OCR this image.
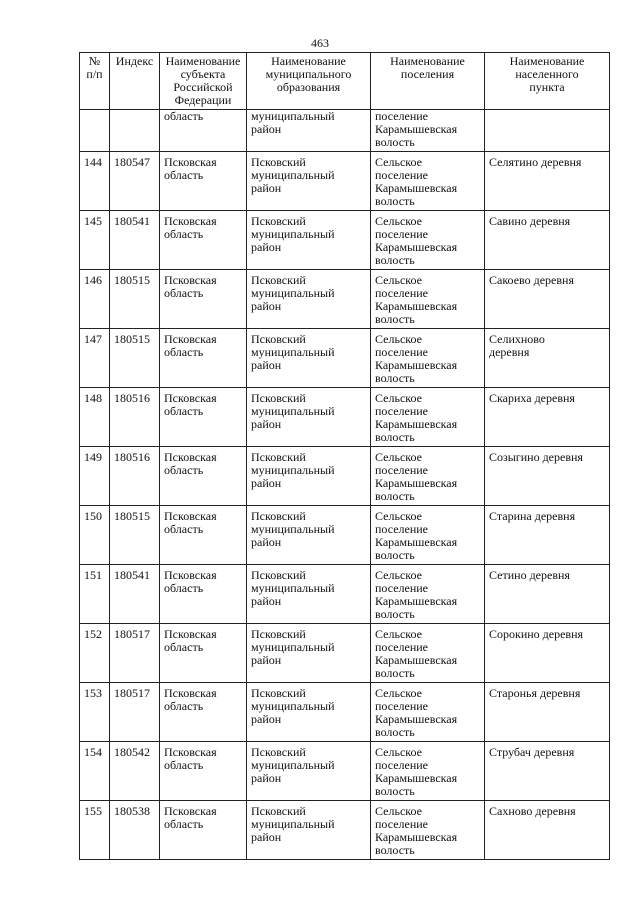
463
№
п/п	Индекс	Наименование
субъекта
Российской
Федерации	Наименование
муниципального
образования	Наименование
поселения	Наименование
населенного
пункта

		область	муниципальный
район	поселение
Карамышевская
волость	

144	180547	Псковская
область	Псковский
муниципальный
район	Сельское
поселение
Карамышевская
волость	Селятино деревня

145	180541	Псковская
область	Псковский
муниципальный
район	Сельское
поселение
Карамышевская
волость	Савино деревня

146	180515	Псковская
область	Псковский
муниципальный
район	Сельское
поселение
Карамышевская
волость	Сакоево деревня

147	180515	Псковская
область	Псковский
муниципальный
район	Сельское
поселение
Карамышевская
волость	Селихново
деревня

148	180516	Псковская
область	Псковский
муниципальный
район	Сельское
поселение
Карамышевская
волость	Скариха деревня

149	180516	Псковская
область	Псковский
муниципальный
район	Сельское
поселение
Карамышевская
волость	Созыгино деревня

150	180515	Псковская
область	Псковский
муниципальный
район	Сельское
поселение
Карамышевская
волость	Старина деревня

151	180541	Псковская
область	Псковский
муниципальный
район	Сельское
поселение
Карамышевская
волость	Сетино деревня

152	180517	Псковская
область	Псковский
муниципальный
район	Сельское
поселение
Карамышевская
волость	Сорокино деревня

153	180517	Псковская
область	Псковский
муниципальный
район	Сельское
поселение
Карамышевская
волость	Старонья деревня

154	180542	Псковская
область	Псковский
муниципальный
район	Сельское
поселение
Карамышевская
волость	Струбач деревня

155	180538	Псковская
область	Псковский
муниципальный
район	Сельское
поселение
Карамышевская
волость	Сахново деревня
